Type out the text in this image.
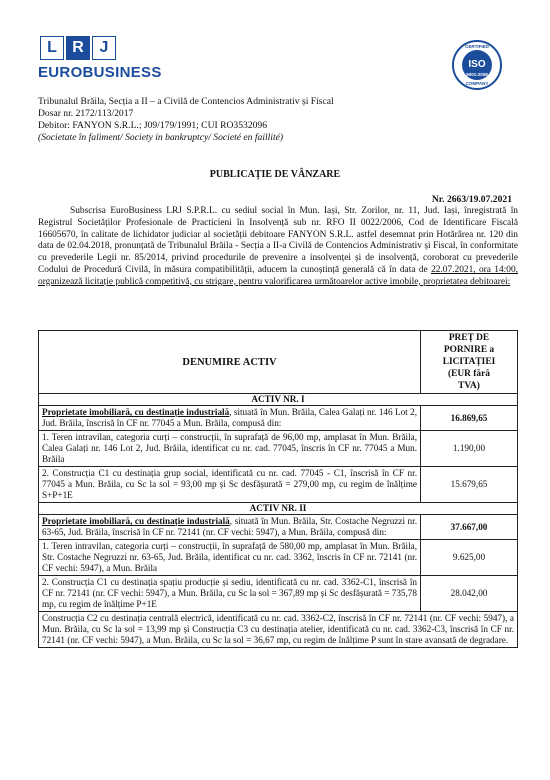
L R J
EUROBUSINESS
CERTIFIED
ISO
9001:2008
COMPANY
Tribunalul Brăila, Secția a II – a Civilă de Contencios Administrativ și Fiscal
Dosar nr. 2172/113/2017
Debitor: FANYON S.R.L.; J09/179/1991; CUI RO3532096
(Societate în faliment/ Society in bankruptcy/ Societé en faillité)
PUBLICAȚIE DE VÂNZARE
Nr. 2663/19.07.2021
Subscrisa EuroBusiness LRJ S.P.R.L. cu sediul social în Mun. Iași, Str. Zorilor, nr. 11, Jud. Iași, înregistrată în Registrul Societăților Profesionale de Practicieni în Insolvență sub nr. RFO II 0022/2006, Cod de Identificare Fiscală 16605670, în calitate de lichidator judiciar al societății debitoare FANYON S.R.L. astfel desemnat prin Hotărârea nr. 120 din data de 02.04.2018, pronunțată de Tribunalul Brăila - Secția a II-a Civilă de Contencios Administrativ și Fiscal, în conformitate cu prevederile Legii nr. 85/2014, privind procedurile de prevenire a insolvenței și de insolvență, coroborat cu prevederile Codului de Procedură Civilă, în măsura compatibilității, aducem la cunoștință generală că în data de 22.07.2021, ora 14:00, organizează licitație publică competitivă, cu strigare, pentru valorificarea următoarelor active imobile, proprietatea debitoarei:
DENUMIRE ACTIV	PREȚ DE
PORNIRE a
LICITAȚIEI
(EUR fără
TVA)

ACTIV NR. I	
Proprietate imobiliară, cu destinație industrială, situată în Mun. Brăila, Calea Galați nr. 146 Lot 2, Jud. Brăila, înscrisă în CF nr. 77045 a Mun. Brăila, compusă din:	16.869,65
1. Teren intravilan, categoria curți – construcții, în suprafață de 96,00 mp, amplasat în Mun. Brăila, Calea Galați nr. 146 Lot 2, Jud. Brăila, identificat cu nr. cad. 77045, înscris în CF nr. 77045 a Mun. Brăila	1.190,00
2. Construcția C1 cu destinația grup social, identificată cu nr. cad. 77045 - C1, înscrisă în CF nr. 77045 a Mun. Brăila, cu Sc la sol = 93,00 mp și Sc desfășurată = 279,00 mp, cu regim de înălțime S+P+1E	15.679,65
ACTIV NR. II	
Proprietate imobiliară, cu destinație industrială, situată în Mun. Brăila, Str. Costache Negruzzi nr. 63-65, Jud. Brăila, înscrisă în CF nr. 72141 (nr. CF vechi: 5947), a Mun. Brăila, compusă din:	37.667,00
1. Teren intravilan, categoria curți – construcții, în suprafață de 580,00 mp, amplasat în Mun. Brăila, Str. Costache Negruzzi nr. 63-65, Jud. Brăila, identificat cu nr. cad. 3362, înscris în CF nr. 72141 (nr. CF vechi: 5947), a Mun. Brăila	9.625,00
2. Construcția C1 cu destinația spațiu producție și sediu, identificată cu nr. cad. 3362-C1, înscrisă în CF nr. 72141 (nr. CF vechi: 5947), a Mun. Brăila, cu Sc la sol = 367,89 mp și Sc desfășurată = 735,78 mp, cu regim de înălțime P+1E	28.042,00
Construcția C2 cu destinația centrală electrică, identificată cu nr. cad. 3362-C2, înscrisă în CF nr. 72141 (nr. CF vechi: 5947), a Mun. Brăila, cu Sc la sol = 13,99 mp și Construcția C3 cu destinația atelier, identificată cu nr. cad. 3362-C3, înscrisă în CF nr. 72141 (nr. CF vechi: 5947), a Mun. Brăila, cu Sc la sol = 36,67 mp, cu regim de înălțime P sunt în stare avansată de degradare.	
